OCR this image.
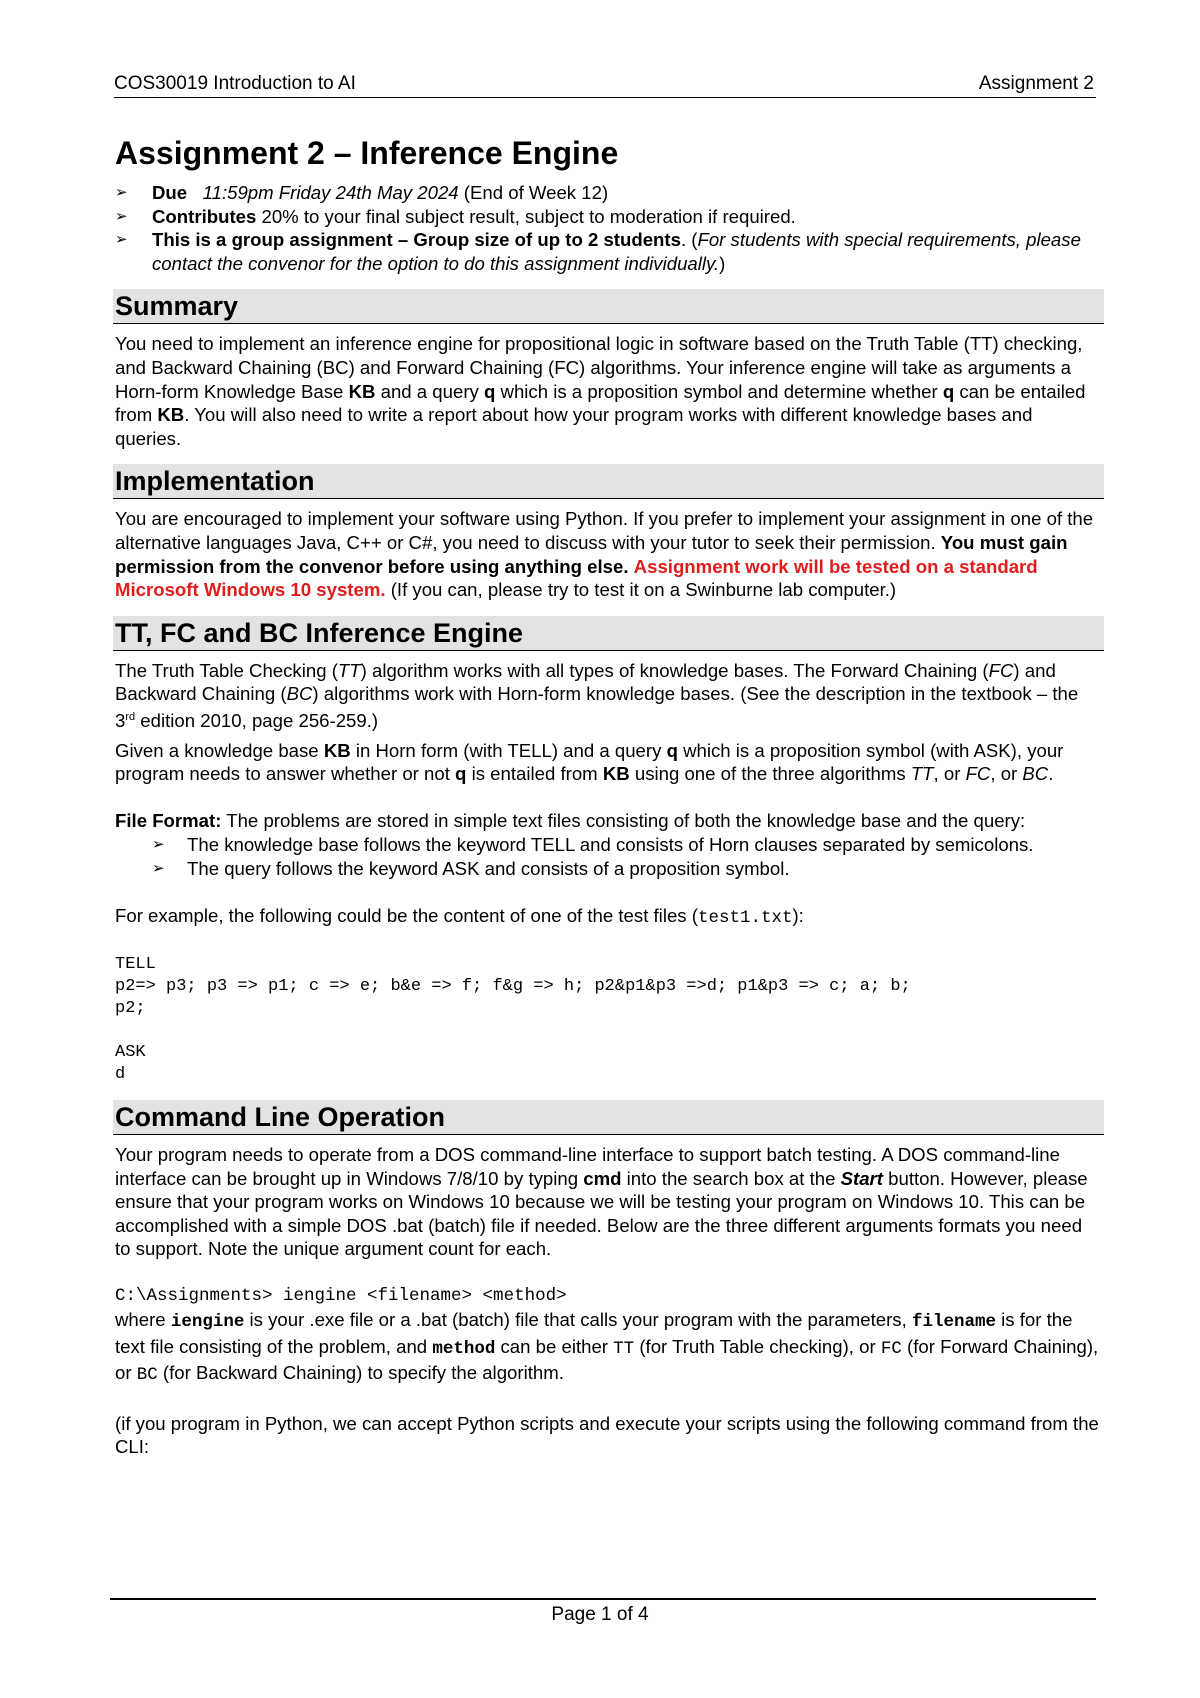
COS30019 Introduction to AI	Assignment 2
Assignment 2 – Inference Engine
➢ Due 11:59pm Friday 24th May 2024 (End of Week 12)
➢ Contributes 20% to your final subject result, subject to moderation if required.
➢ This is a group assignment – Group size of up to 2 students. (For students with special requirements, please contact the convenor for the option to do this assignment individually.)
Summary

You need to implement an inference engine for propositional logic in software based on the Truth Table (TT) checking, and Backward Chaining (BC) and Forward Chaining (FC) algorithms. Your inference engine will take as arguments a Horn-form Knowledge Base KB and a query q which is a proposition symbol and determine whether q can be entailed from KB. You will also need to write a report about how your program works with different knowledge bases and queries.

Implementation

You are encouraged to implement your software using Python. If you prefer to implement your assignment in one of the alternative languages Java, C++ or C#, you need to discuss with your tutor to seek their permission. You must gain permission from the convenor before using anything else. Assignment work will be tested on a standard Microsoft Windows 10 system. (If you can, please try to test it on a Swinburne lab computer.)

TT, FC and BC Inference Engine

The Truth Table Checking (TT) algorithm works with all types of knowledge bases. The Forward Chaining (FC) and Backward Chaining (BC) algorithms work with Horn-form knowledge bases. (See the description in the textbook – the 3rd edition 2010, page 256-259.)

Given a knowledge base KB in Horn form (with TELL) and a query q which is a proposition symbol (with ASK), your program needs to answer whether or not q is entailed from KB using one of the three algorithms TT, or FC, or BC.

File Format: The problems are stored in simple text files consisting of both the knowledge base and the query:

➢ The knowledge base follows the keyword TELL and consists of Horn clauses separated by semicolons.
➢ The query follows the keyword ASK and consists of a proposition symbol.

For example, the following could be the content of one of the test files (test1.txt):

TELL
p2=> p3; p3 => p1; c => e; b&e => f; f&g => h; p2&p1&p3 =>d; p1&p3 => c; a; b;
p2;
ASK
d
Command Line Operation

Your program needs to operate from a DOS command-line interface to support batch testing. A DOS command-line interface can be brought up in Windows 7/8/10 by typing cmd into the search box at the Start button. However, please ensure that your program works on Windows 10 because we will be testing your program on Windows 10. This can be accomplished with a simple DOS .bat (batch) file if needed. Below are the three different arguments formats you need to support. Note the unique argument count for each.

C:\Assignments> iengine <filename> <method>

where iengine is your .exe file or a .bat (batch) file that calls your program with the parameters, filename is for the text file consisting of the problem, and method can be either TT (for Truth Table checking), or FC (for Forward Chaining), or BC (for Backward Chaining) to specify the algorithm.

(if you program in Python, we can accept Python scripts and execute your scripts using the following command from the CLI:

Page 1 of 4
